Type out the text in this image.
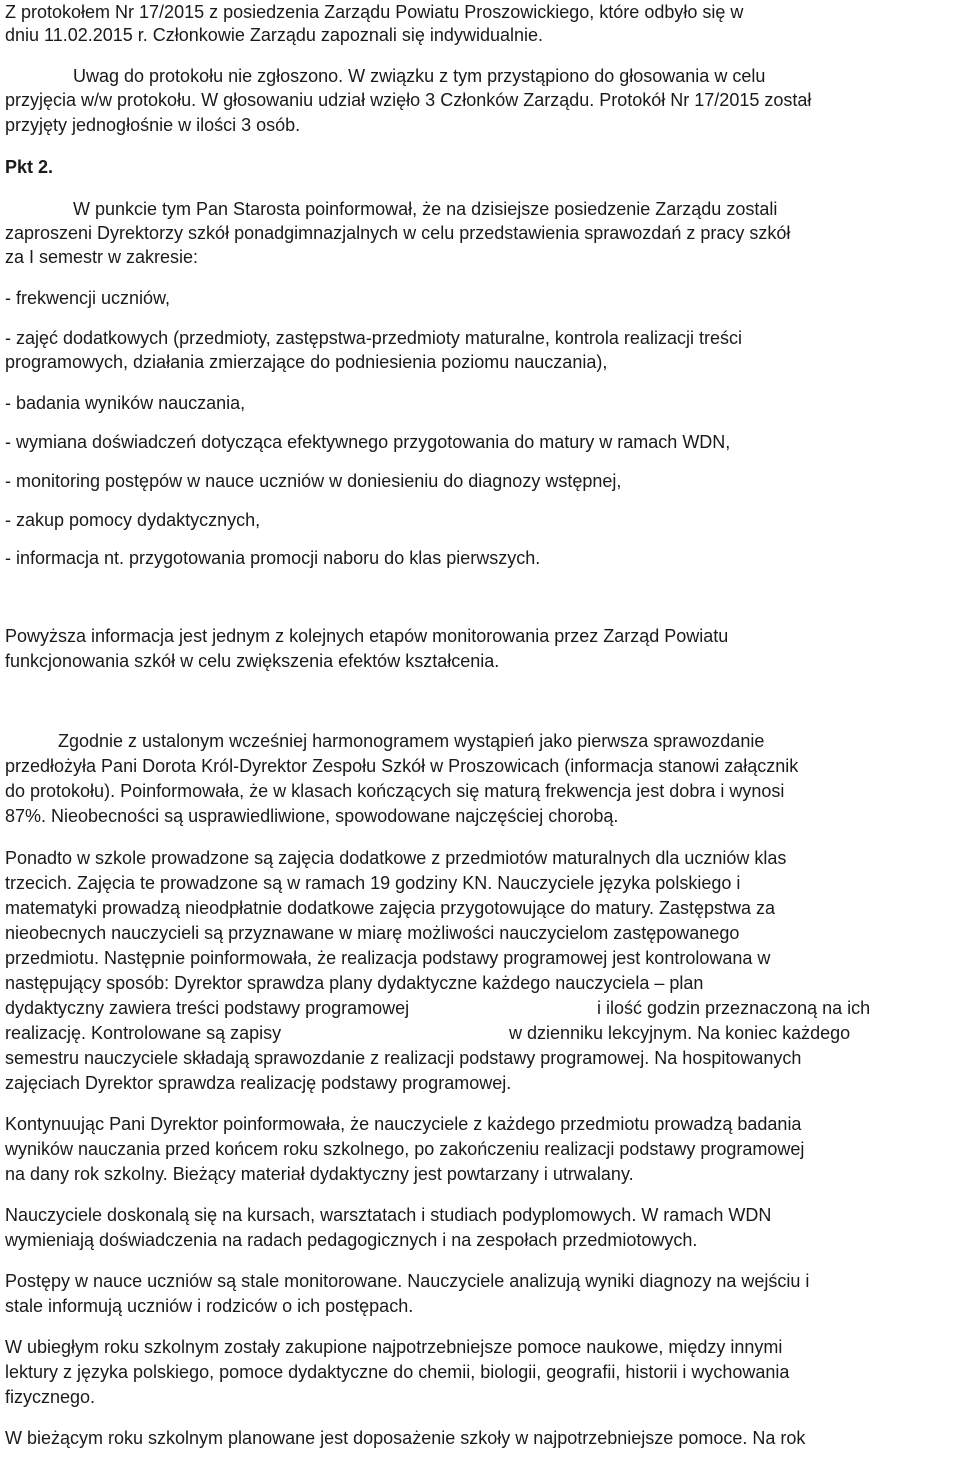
Z protokołem Nr 17/2015 z posiedzenia Zarządu Powiatu Proszowickiego, które odbyło się w
dniu 11.02.2015 r. Członkowie Zarządu zapoznali się indywidualnie.
Uwag do protokołu nie zgłoszono. W związku z tym przystąpiono do głosowania w celu
przyjęcia w/w protokołu. W głosowaniu udział wzięło 3 Członków Zarządu. Protokół Nr 17/2015 został
przyjęty jednogłośnie w ilości 3 osób.
Pkt 2.
W punkcie tym Pan Starosta poinformował, że na dzisiejsze posiedzenie Zarządu zostali
zaproszeni Dyrektorzy szkół ponadgimnazjalnych w celu przedstawienia sprawozdań z pracy szkół
za I semestr w zakresie:
- frekwencji uczniów,
- zajęć dodatkowych (przedmioty, zastępstwa-przedmioty maturalne, kontrola realizacji treści
programowych, działania zmierzające do podniesienia poziomu nauczania),
- badania wyników nauczania,
- wymiana doświadczeń dotycząca efektywnego przygotowania do matury w ramach WDN,
- monitoring postępów w nauce uczniów w doniesieniu do diagnozy wstępnej,
- zakup pomocy dydaktycznych,
- informacja nt. przygotowania promocji naboru do klas pierwszych.
Powyższa informacja jest jednym z kolejnych etapów monitorowania przez Zarząd Powiatu
funkcjonowania szkół w celu zwiększenia efektów kształcenia.
Zgodnie z ustalonym wcześniej harmonogramem wystąpień jako pierwsza sprawozdanie
przedłożyła Pani Dorota Król-Dyrektor Zespołu Szkół w Proszowicach (informacja stanowi załącznik
do protokołu). Poinformowała, że w klasach kończących się maturą frekwencja jest dobra i wynosi
87%. Nieobecności są usprawiedliwione, spowodowane najczęściej chorobą.
Ponadto w szkole prowadzone są zajęcia dodatkowe z przedmiotów maturalnych dla uczniów klas
trzecich. Zajęcia te prowadzone są w ramach 19 godziny KN. Nauczyciele języka polskiego i
matematyki prowadzą nieodpłatnie dodatkowe zajęcia przygotowujące do matury. Zastępstwa za
nieobecnych nauczycieli są przyznawane w miarę możliwości nauczycielom zastępowanego
przedmiotu. Następnie poinformowała, że realizacja podstawy programowej jest kontrolowana w
następujący sposób: Dyrektor sprawdza plany dydaktyczne każdego nauczyciela – plan
dydaktyczny zawiera treści podstawy programowej	i ilość godzin przeznaczoną na ich
realizację. Kontrolowane są zapisy	w dzienniku lekcyjnym. Na koniec każdego
semestru nauczyciele składają sprawozdanie z realizacji podstawy programowej. Na hospitowanych
zajęciach Dyrektor sprawdza realizację podstawy programowej.
Kontynuując Pani Dyrektor poinformowała, że nauczyciele z każdego przedmiotu prowadzą badania
wyników nauczania przed końcem roku szkolnego, po zakończeniu realizacji podstawy programowej
na dany rok szkolny. Bieżący materiał dydaktyczny jest powtarzany i utrwalany.
Nauczyciele doskonalą się na kursach, warsztatach i studiach podyplomowych. W ramach WDN
wymieniają doświadczenia na radach pedagogicznych i na zespołach przedmiotowych.
Postępy w nauce uczniów są stale monitorowane. Nauczyciele analizują wyniki diagnozy na wejściu i
stale informują uczniów i rodziców o ich postępach.
W ubiegłym roku szkolnym zostały zakupione najpotrzebniejsze pomoce naukowe, między innymi
lektury z języka polskiego, pomoce dydaktyczne do chemii, biologii, geografii, historii i wychowania
fizycznego.
W bieżącym roku szkolnym planowane jest doposażenie szkoły w najpotrzebniejsze pomoce. Na rok
